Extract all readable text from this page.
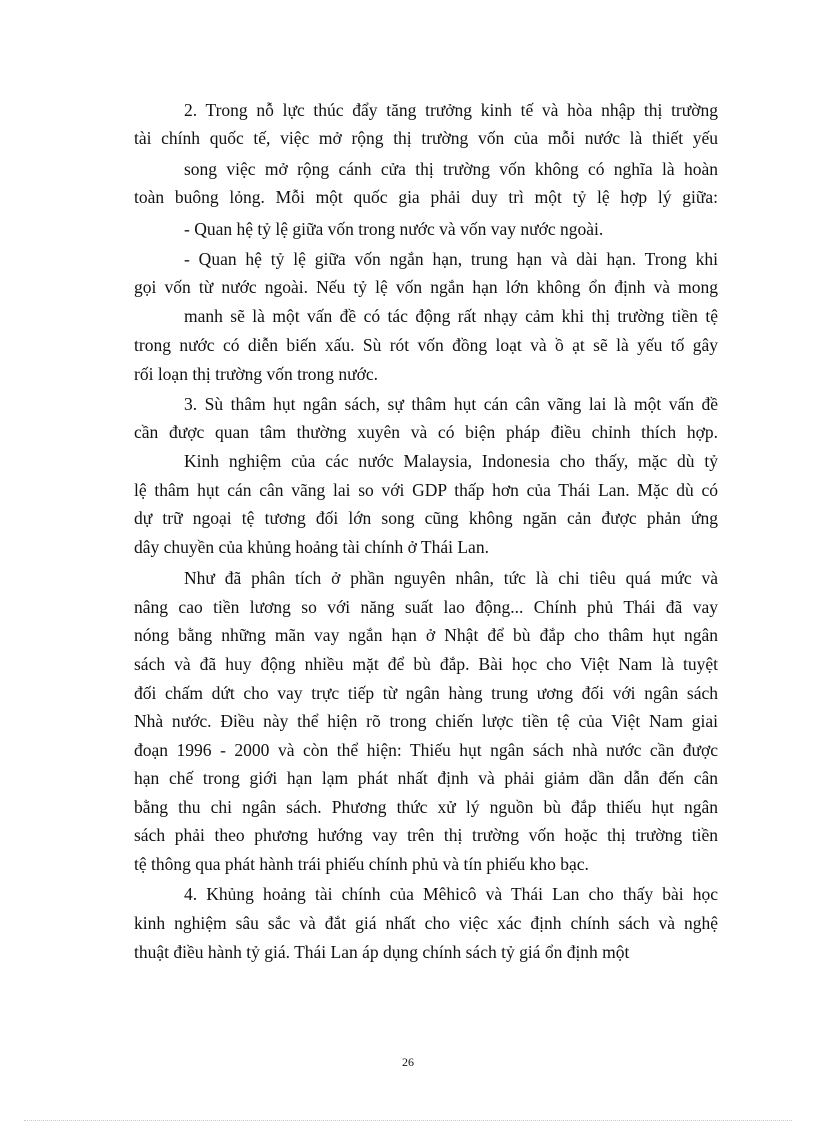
2. Trong nỗ lực thúc đẩy tăng trưởng kinh tế và hòa nhập thị trường
tài chính quốc tế, việc mở rộng thị trường vốn của mỗi nước là thiết yếu
song việc mở rộng cánh cửa thị trường vốn không có nghĩa là hoàn
toàn buông lỏng. Mỗi một quốc gia phải duy trì một tỷ lệ hợp lý giữa:
- Quan hệ tỷ lệ giữa vốn trong nước và vốn vay nước ngoài.
- Quan hệ tỷ lệ giữa vốn ngắn hạn, trung hạn và dài hạn. Trong khi
gọi vốn từ nước ngoài. Nếu tỷ lệ vốn ngắn hạn lớn không ổn định và mong
manh sẽ là một vấn đề có tác động rất nhạy cảm khi thị trường tiền tệ
trong nước có diễn biến xấu. Sù rót vốn đồng loạt và ồ ạt sẽ là yếu tố gây
rối loạn thị trường vốn trong nước.
3. Sù thâm hụt ngân sách, sự thâm hụt cán cân vãng lai là một vấn đề
cần được quan tâm thường xuyên và có biện pháp điều chỉnh thích hợp.
Kinh nghiệm của các nước Malaysia, Indonesia cho thấy, mặc dù tỷ
lệ thâm hụt cán cân vãng lai so với GDP thấp hơn của Thái Lan. Mặc dù có
dự trữ ngoại tệ tương đối lớn song cũng không ngăn cản được phản ứng
dây chuyền của khủng hoảng tài chính ở Thái Lan.
Như đã phân tích ở phần nguyên nhân, tức là chi tiêu quá mức và
nâng cao tiền lương so với năng suất lao động... Chính phủ Thái đã vay
nóng bằng những mãn vay ngắn hạn ở Nhật để bù đắp cho thâm hụt ngân
sách và đã huy động nhiều mặt để bù đắp. Bài học cho Việt Nam là tuyệt
đối chấm dứt cho vay trực tiếp từ ngân hàng trung ương đối với ngân sách
Nhà nước. Điều này thể hiện rõ trong chiến lược tiền tệ của Việt Nam giai
đoạn 1996 - 2000 và còn thể hiện: Thiếu hụt ngân sách nhà nước cần được
hạn chế trong giới hạn lạm phát nhất định và phải giảm dần dẫn đến cân
bằng thu chi ngân sách. Phương thức xử lý nguồn bù đắp thiếu hụt ngân
sách phải theo phương hướng vay trên thị trường vốn hoặc thị trường tiền
tệ thông qua phát hành trái phiếu chính phủ và tín phiếu kho bạc.
4. Khủng hoảng tài chính của Mêhicô và Thái Lan cho thấy bài học
kinh nghiệm sâu sắc và đắt giá nhất cho việc xác định chính sách và nghệ
thuật điều hành tỷ giá. Thái Lan áp dụng chính sách tỷ giá ổn định một
26
